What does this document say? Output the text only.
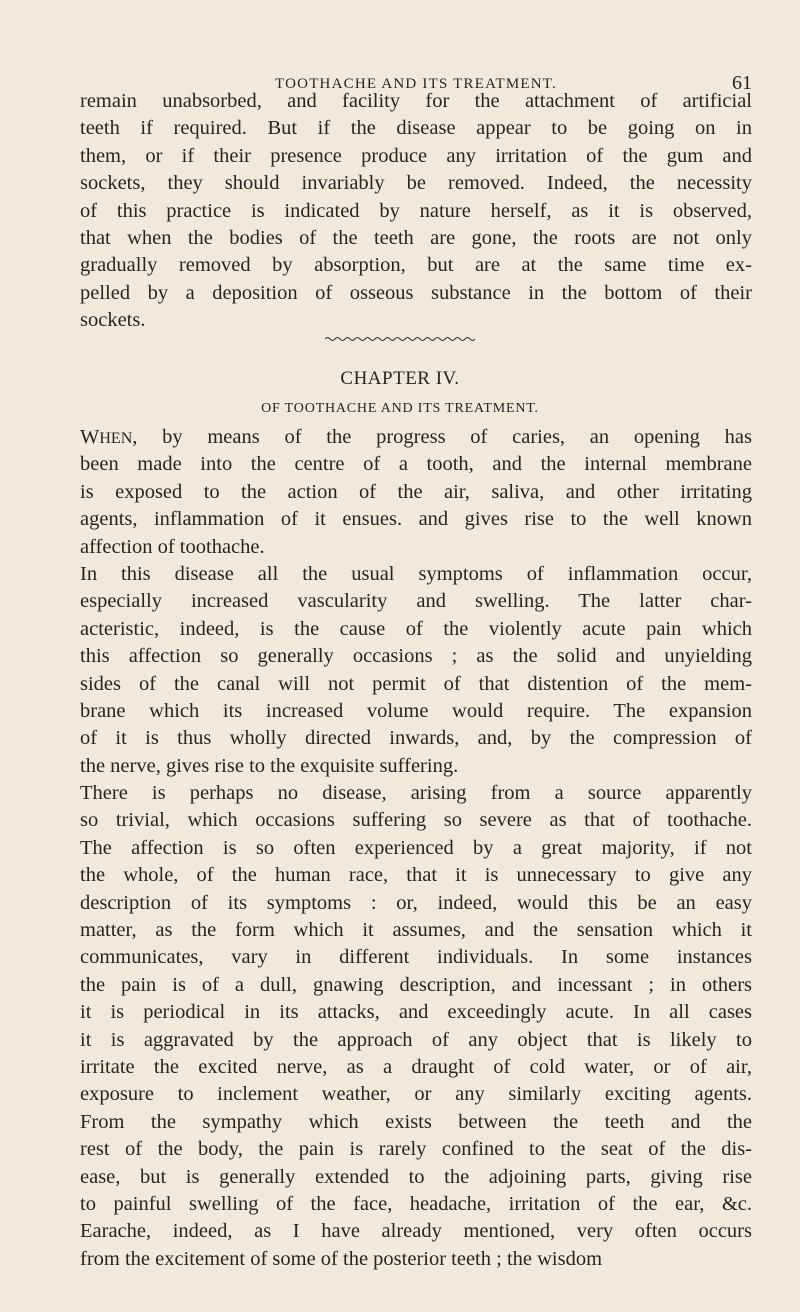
TOOTHACHE AND ITS TREATMENT.	61
remain unabsorbed, and facility for the attachment of artificial
teeth if required. But if the disease appear to be going on in
them, or if their presence produce any irritation of the gum and
sockets, they should invariably be removed. Indeed, the necessity
of this practice is indicated by nature herself, as it is observed,
that when the bodies of the teeth are gone, the roots are not only
gradually removed by absorption, but are at the same time ex-
pelled by a deposition of osseous substance in the bottom of their
sockets.
CHAPTER IV.
OF TOOTHACHE AND ITS TREATMENT.
WHEN, by means of the progress of caries, an opening has
been made into the centre of a tooth, and the internal membrane
is exposed to the action of the air, saliva, and other irritating
agents, inflammation of it ensues. and gives rise to the well known
affection of toothache.
In this disease all the usual symptoms of inflammation occur,
especially increased vascularity and swelling. The latter char-
acteristic, indeed, is the cause of the violently acute pain which
this affection so generally occasions ; as the solid and unyielding
sides of the canal will not permit of that distention of the mem-
brane which its increased volume would require. The expansion
of it is thus wholly directed inwards, and, by the compression of
the nerve, gives rise to the exquisite suffering.
There is perhaps no disease, arising from a source apparently
so trivial, which occasions suffering so severe as that of toothache.
The affection is so often experienced by a great majority, if not
the whole, of the human race, that it is unnecessary to give any
description of its symptoms : or, indeed, would this be an easy
matter, as the form which it assumes, and the sensation which it
communicates, vary in different individuals. In some instances
the pain is of a dull, gnawing description, and incessant ; in others
it is periodical in its attacks, and exceedingly acute. In all cases
it is aggravated by the approach of any object that is likely to
irritate the excited nerve, as a draught of cold water, or of air,
exposure to inclement weather, or any similarly exciting agents.
From the sympathy which exists between the teeth and the
rest of the body, the pain is rarely confined to the seat of the dis-
ease, but is generally extended to the adjoining parts, giving rise
to painful swelling of the face, headache, irritation of the ear, &c.
Earache, indeed, as I have already mentioned, very often occurs
from the excitement of some of the posterior teeth ; the wisdom
